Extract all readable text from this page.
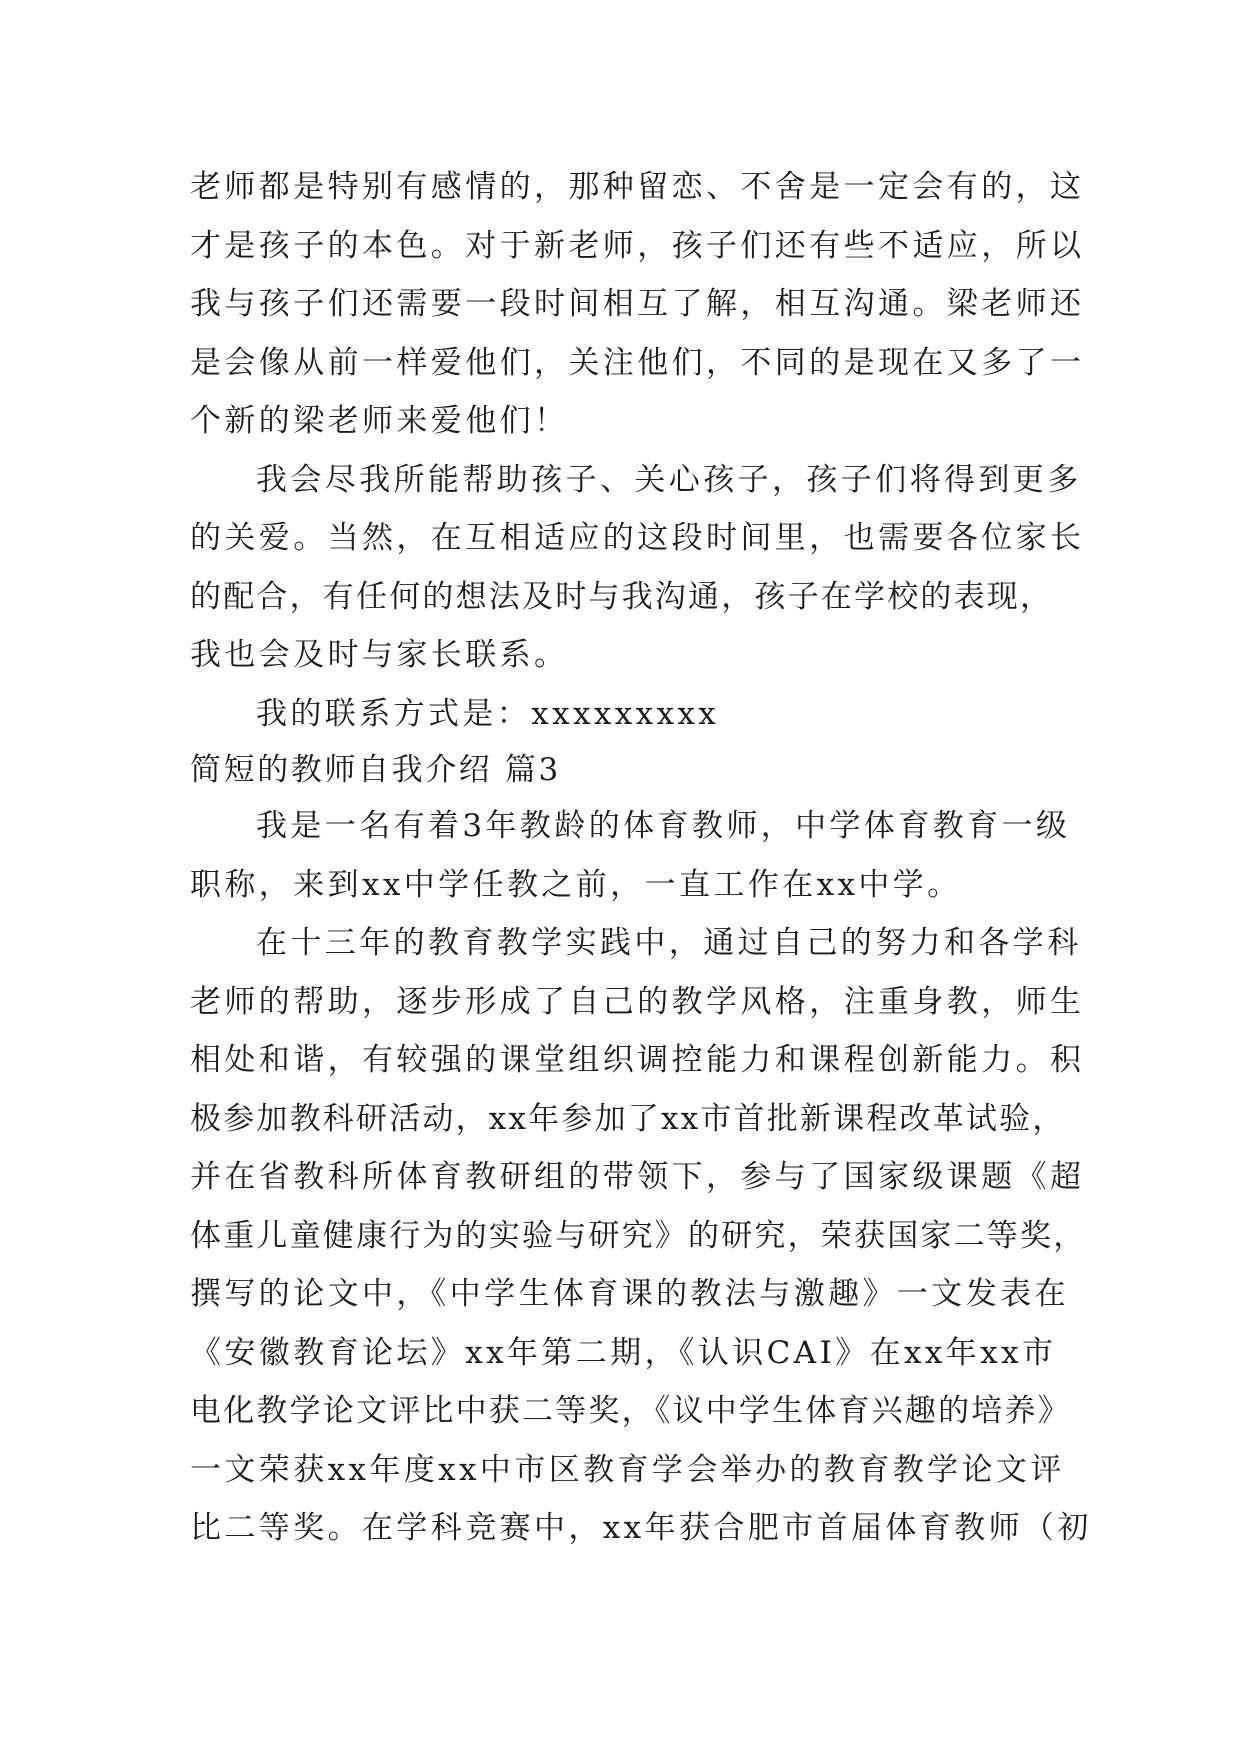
老师都是特别有感情的，那种留恋、不舍是一定会有的，这
才是孩子的本色。对于新老师，孩子们还有些不适应，所以
我与孩子们还需要一段时间相互了解，相互沟通。梁老师还
是会像从前一样爱他们，关注他们，不同的是现在又多了一
个新的梁老师来爱他们！
我会尽我所能帮助孩子、关心孩子，孩子们将得到更多
的关爱。当然，在互相适应的这段时间里，也需要各位家长
的配合，有任何的想法及时与我沟通，孩子在学校的表现，
我也会及时与家长联系。
我的联系方式是：xxxxxxxxx
简短的教师自我介绍 篇3
我是一名有着3年教龄的体育教师，中学体育教育一级
职称，来到xx中学任教之前，一直工作在xx中学。
在十三年的教育教学实践中，通过自己的努力和各学科
老师的帮助，逐步形成了自己的教学风格，注重身教，师生
相处和谐，有较强的课堂组织调控能力和课程创新能力。积
极参加教科研活动，xx年参加了xx市首批新课程改革试验，
并在省教科所体育教研组的带领下，参与了国家级课题《超
体重儿童健康行为的实验与研究》的研究，荣获国家二等奖，
撰写的论文中，《中学生体育课的教法与激趣》一文发表在
《安徽教育论坛》xx年第二期，《认识CAI》在xx年xx市
电化教学论文评比中获二等奖，《议中学生体育兴趣的培养》
一文荣获xx年度xx中市区教育学会举办的教育教学论文评
比二等奖。在学科竞赛中，xx年获合肥市首届体育教师（初
